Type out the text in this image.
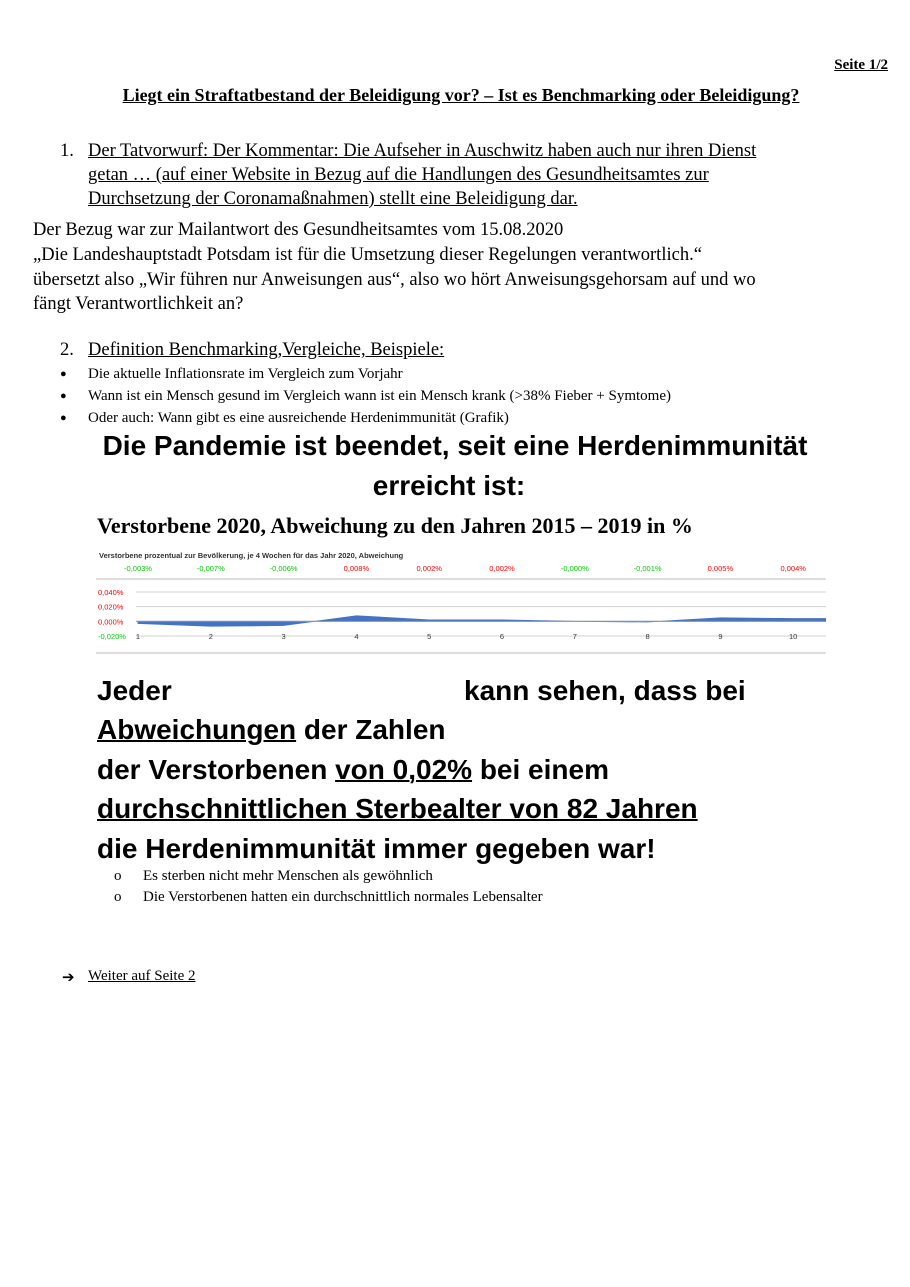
Seite 1/2
Liegt ein Straftatbestand der Beleidigung vor? – Ist es Benchmarking oder Beleidigung?
1. Der Tatvorwurf: Der Kommentar: Die Aufseher in Auschwitz haben auch nur ihren Dienst
getan … (auf einer Website in Bezug auf die Handlungen des Gesundheitsamtes zur
Durchsetzung der Coronamaßnahmen) stellt eine Beleidigung dar.
Der Bezug war zur Mailantwort des Gesundheitsamtes vom 15.08.2020
„Die Landeshauptstadt Potsdam ist für die Umsetzung dieser Regelungen verantwortlich.“
übersetzt also „Wir führen nur Anweisungen aus“, also wo hört Anweisungsgehorsam auf und wo
fängt Verantwortlichkeit an?
2. Definition Benchmarking,Vergleiche, Beispiele:
● Die aktuelle Inflationsrate im Vergleich zum Vorjahr
● Wann ist ein Mensch gesund im Vergleich wann ist ein Mensch krank (>38% Fieber + Symtome)
● Oder auch: Wann gibt es eine ausreichende Herdenimmunität (Grafik)
Die Pandemie ist beendet, seit eine Herdenimmunität
erreicht ist:
Verstorbene 2020, Abweichung zu den Jahren 2015 – 2019 in %
Verstorbene prozentual zur Bevölkerung, je 4 Wochen für das Jahr 2020, Abweichung
-0,003%	-0,007%	-0,006%	0,008%	0,002%	0,002%	-0,000%	-0,001%	0,005%	0,004%
0,040%
0,020%
0,000%
-0,020% 1	2	3	4	5	6	7	8	9	10
Jeder	kann sehen, dass bei
Abweichungen der Zahlen
der Verstorbenen von 0,02% bei einem
durchschnittlichen Sterbealter von 82 Jahren
die Herdenimmunität immer gegeben war!
o Es sterben nicht mehr Menschen als gewöhnlich
o Die Verstorbenen hatten ein durchschnittlich normales Lebensalter
➔ Weiter auf Seite 2
